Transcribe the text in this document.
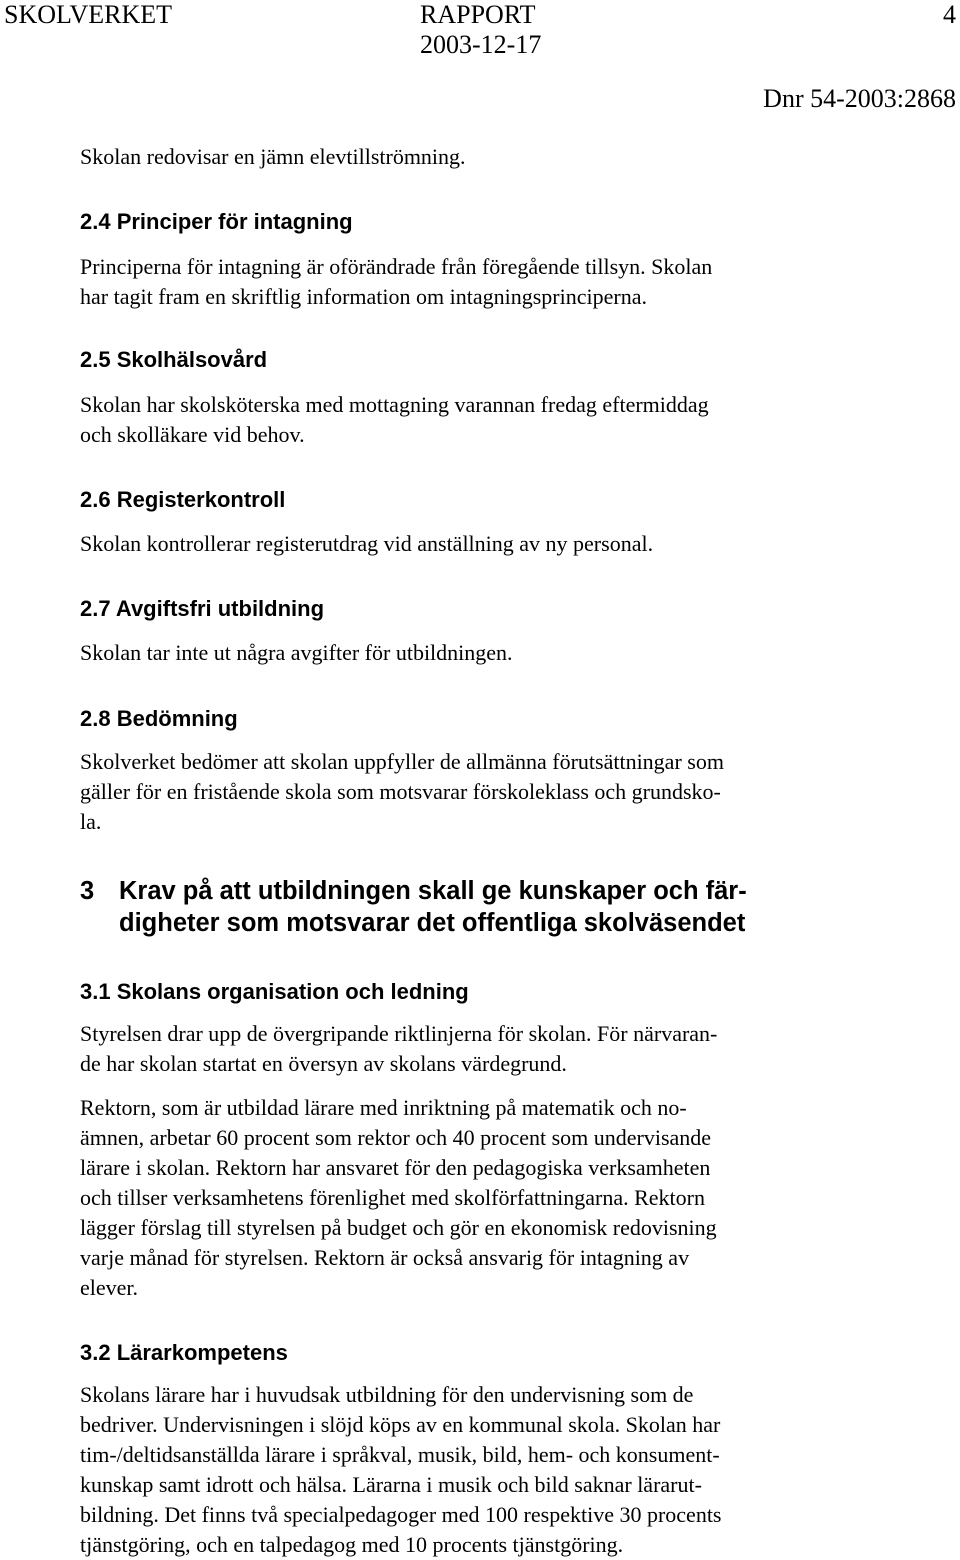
SKOLVERKET	RAPPORT
2003-12-17
4
Dnr 54-2003:2868
Skolan redovisar en jämn elevtillströmning.
2.4 Principer för intagning
Principerna för intagning är oförändrade från föregående tillsyn. Skolan
har tagit fram en skriftlig information om intagningsprinciperna.
2.5 Skolhälsovård
Skolan har skolsköterska med mottagning varannan fredag eftermiddag
och skolläkare vid behov.
2.6 Registerkontroll
Skolan kontrollerar registerutdrag vid anställning av ny personal.
2.7 Avgiftsfri utbildning
Skolan tar inte ut några avgifter för utbildningen.
2.8 Bedömning
Skolverket bedömer att skolan uppfyller de allmänna förutsättningar som
gäller för en fristående skola som motsvarar förskoleklass och grundsko-
la.
3 Krav på att utbildningen skall ge kunskaper och fär-
digheter som motsvarar det offentliga skolväsendet
3.1 Skolans organisation och ledning
Styrelsen drar upp de övergripande riktlinjerna för skolan. För närvaran-
de har skolan startat en översyn av skolans värdegrund.
Rektorn, som är utbildad lärare med inriktning på matematik och no-
ämnen, arbetar 60 procent som rektor och 40 procent som undervisande
lärare i skolan. Rektorn har ansvaret för den pedagogiska verksamheten
och tillser verksamhetens förenlighet med skolförfattningarna. Rektorn
lägger förslag till styrelsen på budget och gör en ekonomisk redovisning
varje månad för styrelsen. Rektorn är också ansvarig för intagning av
elever.
3.2 Lärarkompetens
Skolans lärare har i huvudsak utbildning för den undervisning som de
bedriver. Undervisningen i slöjd köps av en kommunal skola. Skolan har
tim-/deltidsanställda lärare i språkval, musik, bild, hem- och konsument-
kunskap samt idrott och hälsa. Lärarna i musik och bild saknar lärarut-
bildning. Det finns två specialpedagoger med 100 respektive 30 procents
tjänstgöring, och en talpedagog med 10 procents tjänstgöring.
